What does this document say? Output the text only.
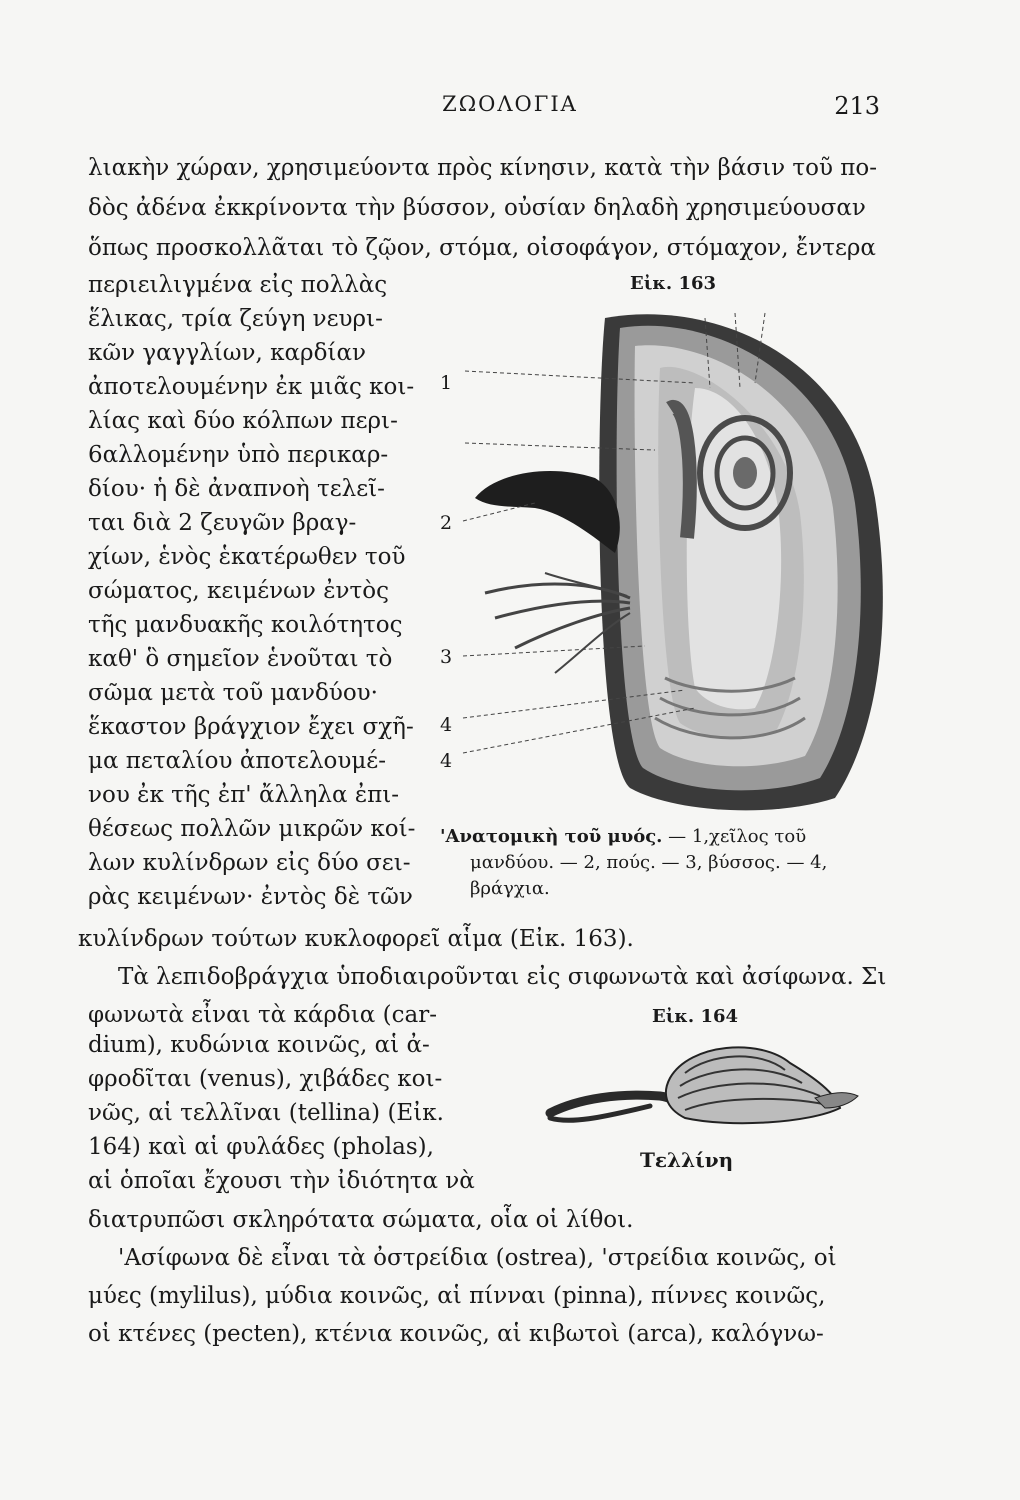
ΖΩΟΛΟΓΙΑ	213
λιακὴν χώραν, χρησιμεύοντα πρὸς κίνησιν, κατὰ τὴν βάσιν τοῦ πο-
δὸς ἀδένα ἐκκρίνοντα τὴν βύσσον, οὐσίαν δηλαδὴ χρησιμεύουσαν
ὅπως προσκολλᾶται τὸ ζῷον, στόμα, οἰσοφάγον, στόμαχον, ἔντερα
περιειλιγμένα εἰς πολλὰς
ἕλικας, τρία ζεύγη νευρι-
κῶν γαγγλίων, καρδίαν
ἀποτελουμένην ἐκ μιᾶς κοι-
λίας καὶ δύο κόλπων περι-
6αλλομένην ὑπὸ περικαρ-
δίου· ἡ δὲ ἀναπνοὴ τελεῖ-
ται διὰ 2 ζευγῶν βραγ-
χίων, ἑνὸς ἑκατέρωθεν τοῦ
σώματος, κειμένων ἐντὸς
τῆς μανδυακῆς κοιλότητος
καθ' ὃ σημεῖον ἑνοῦται τὸ
σῶμα μετὰ τοῦ μανδύου·
ἕκαστον βράγχιον ἔχει σχῆ-
μα πεταλίου ἀποτελουμέ-
νου ἐκ τῆς ἐπ' ἄλληλα ἐπι-
θέσεως πολλῶν μικρῶν κοί-
λων κυλίνδρων εἰς δύο σει-
ρὰς κειμένων· ἐντὸς δὲ τῶν
Εἰκ. 163
1
2
3
4
4
'Ανατομικὴ τοῦ μυός. — 1,χεῖλος τοῦ
μανδύου. — 2, πούς. — 3, βύσσος. — 4,
βράγχια.
κυλίνδρων τούτων κυκλοφορεῖ αἷμα (Εἰκ. 163).
Τὰ λεπιδοβράγχια ὑποδιαιροῦνται εἰς σιφωνωτὰ καὶ ἀσίφωνα. Σι
φωνωτὰ εἶναι τὰ κάρδια (car-
dium), κυδώνια κοινῶς, αἱ ἀ-
φροδῖται (venus), χιβάδες κοι-
νῶς, αἱ τελλῖναι (tellina) (Εἰκ.
164) καὶ αἱ φυλάδες (pholas),
αἱ ὁποῖαι ἔχουσι τὴν ἰδιότητα νὰ
Εἰκ. 164
Τελλίνη
διατρυπῶσι σκληρότατα σώματα, οἷα οἱ λίθοι.
'Ασίφωνα δὲ εἶναι τὰ ὀστρείδια (ostrea), 'στρείδια κοινῶς, οἱ
μύες (mylilus), μύδια κοινῶς, αἱ πίνναι (pinna), πίννες κοινῶς,
οἱ κτένες (pecten), κτένια κοινῶς, αἱ κιβωτοὶ (arca), καλόγνω-
